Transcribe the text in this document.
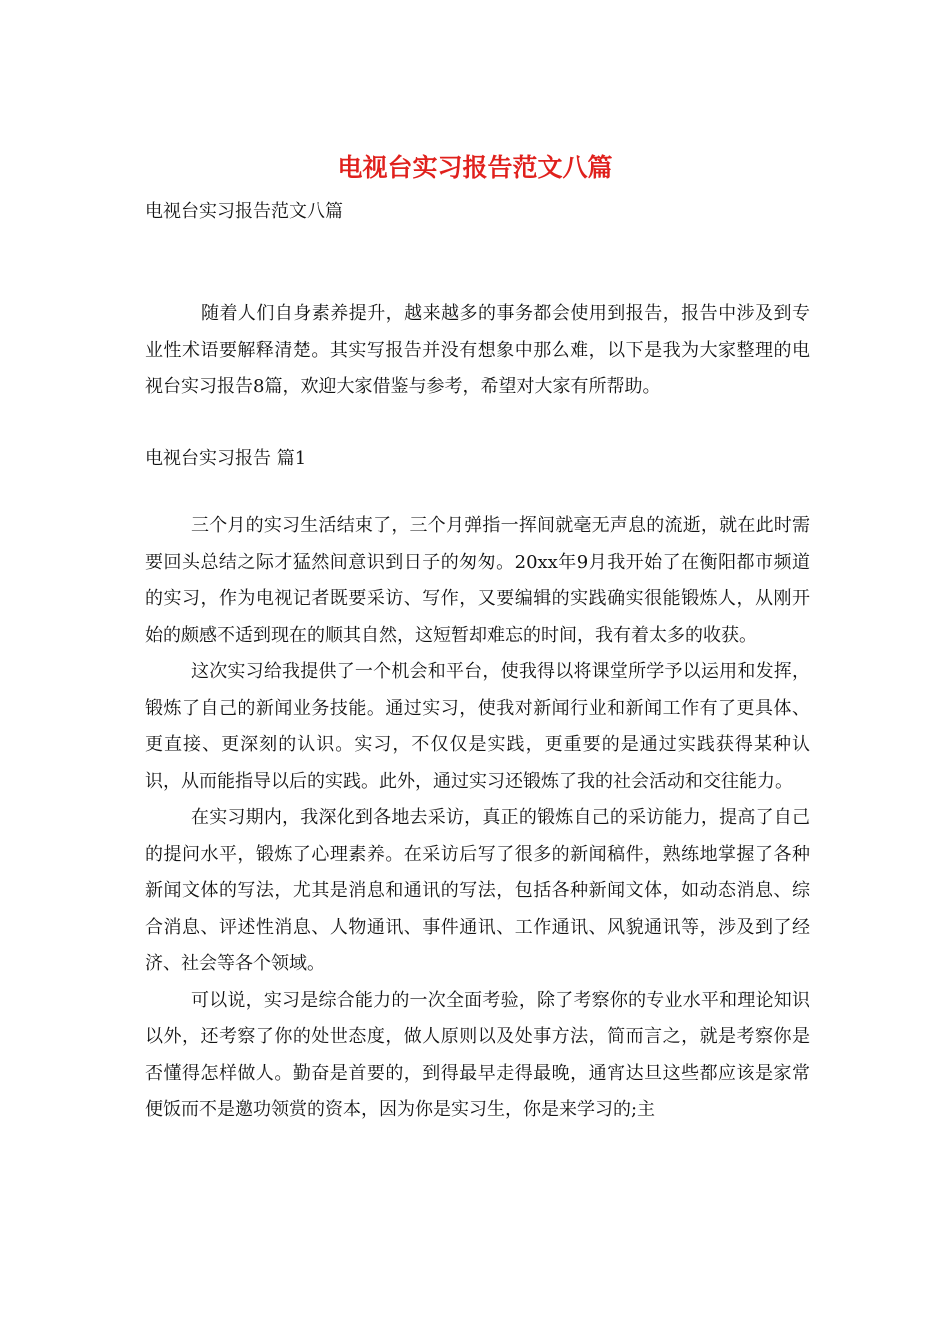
电视台实习报告范文八篇
电视台实习报告范文八篇
随着人们自身素养提升，越来越多的事务都会使用到报告，报告中涉及到专业性术语要解释清楚。其实写报告并没有想象中那么难，以下是我为大家整理的电视台实习报告8篇，欢迎大家借鉴与参考，希望对大家有所帮助。
电视台实习报告 篇1

三个月的实习生活结束了，三个月弹指一挥间就毫无声息的流逝，就在此时需要回头总结之际才猛然间意识到日子的匆匆。20xx年9月我开始了在衡阳都市频道的实习，作为电视记者既要采访、写作，又要编辑的实践确实很能锻炼人，从刚开始的颇感不适到现在的顺其自然，这短暂却难忘的时间，我有着太多的收获。

这次实习给我提供了一个机会和平台，使我得以将课堂所学予以运用和发挥，锻炼了自己的新闻业务技能。通过实习，使我对新闻行业和新闻工作有了更具体、更直接、更深刻的认识。实习，不仅仅是实践，更重要的是通过实践获得某种认识，从而能指导以后的实践。此外，通过实习还锻炼了我的社会活动和交往能力。

在实习期内，我深化到各地去采访，真正的锻炼自己的采访能力，提高了自己的提问水平，锻炼了心理素养。在采访后写了很多的新闻稿件，熟练地掌握了各种新闻文体的写法，尤其是消息和通讯的写法，包括各种新闻文体，如动态消息、综合消息、评述性消息、人物通讯、事件通讯、工作通讯、风貌通讯等，涉及到了经济、社会等各个领域。

可以说，实习是综合能力的一次全面考验，除了考察你的专业水平和理论知识以外，还考察了你的处世态度，做人原则以及处事方法，简而言之，就是考察你是否懂得怎样做人。勤奋是首要的，到得最早走得最晚，通宵达旦这些都应该是家常便饭而不是邀功领赏的资本，因为你是实习生，你是来学习的;主
